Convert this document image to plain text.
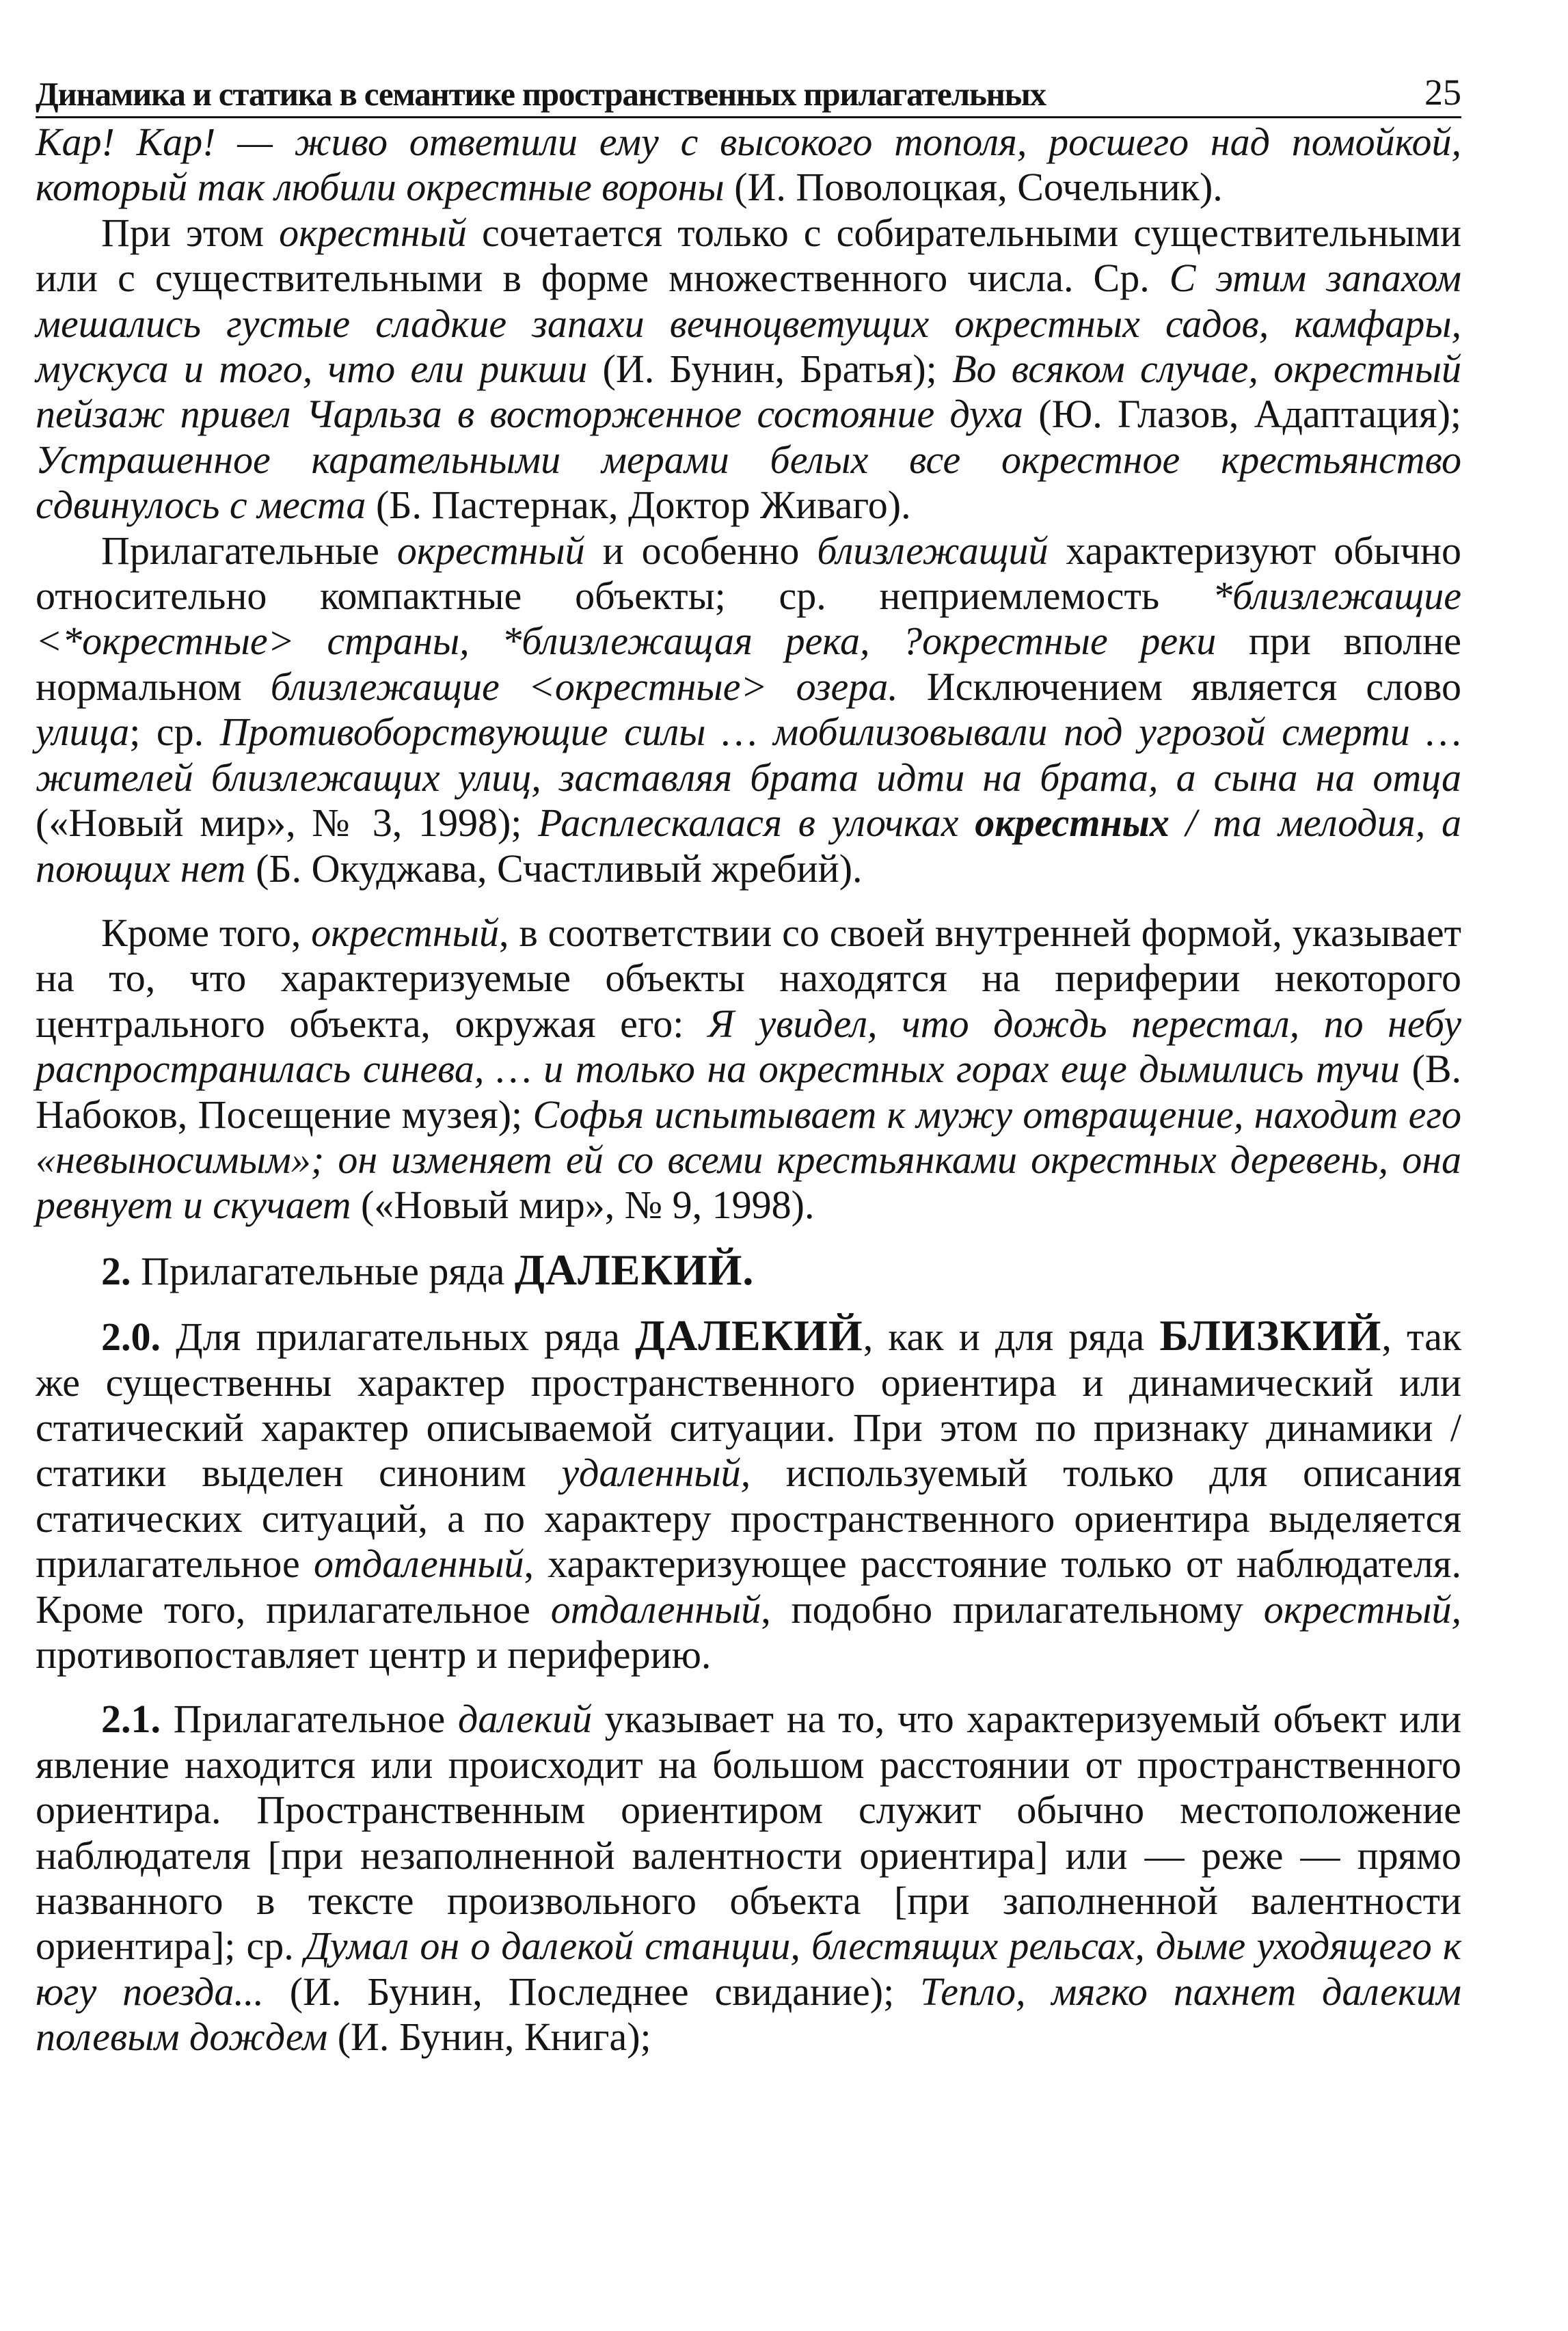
Динамика и статика в семантике пространственных прилагательных	25

Кар! Кар! — живо ответили ему с высокого тополя, росшего над помойкой, который так любили окрестные вороны (И. Поволоцкая, Сочельник).

При этом окрестный сочетается только с собирательными существительными или с существительными в форме множественного числа. Ср. С этим запахом мешались густые сладкие запахи вечноцветущих окрестных садов, камфары, мускуса и того, что ели рикши (И. Бунин, Братья); Во всяком случае, окрестный пейзаж привел Чарльза в восторженное состояние духа (Ю. Глазов, Адаптация); Устрашенное карательными мерами белых все окрестное крестьянство сдвинулось с места (Б. Пастернак, Доктор Живаго).

Прилагательные окрестный и особенно близлежащий характеризуют обычно относительно компактные объекты; ср. неприемлемость *близлежащие <*окрестные> страны, *близлежащая река, ?окрестные реки при вполне нормальном близлежащие <окрестные> озера. Исключением является слово улица; ср. Противоборствующие силы … мобилизовывали под угрозой смерти … жителей близлежащих улиц, заставляя брата идти на брата, а сына на отца («Новый мир», № 3, 1998); Расплескалася в улочках окрестных / та мелодия, а поющих нет (Б. Окуджава, Счастливый жребий).

Кроме того, окрестный, в соответствии со своей внутренней формой, указывает на то, что характеризуемые объекты находятся на периферии некоторого центрального объекта, окружая его: Я увидел, что дождь перестал, по небу распространилась синева, … и только на окрестных горах еще дымились тучи (В. Набоков, Посещение музея); Софья испытывает к мужу отвращение, находит его «невыносимым»; он изменяет ей со всеми крестьянками окрестных деревень, она ревнует и скучает («Новый мир», № 9, 1998).

2. Прилагательные ряда ДАЛЕКИЙ.

2.0. Для прилагательных ряда ДАЛЕКИЙ, как и для ряда БЛИЗКИЙ, так же существенны характер пространственного ориентира и динамический или статический характер описываемой ситуации. При этом по признаку динамики / статики выделен синоним удаленный, используемый только для описания статических ситуаций, а по характеру пространственного ориентира выделяется прилагательное отдаленный, характеризующее расстояние только от наблюдателя. Кроме того, прилагательное отдаленный, подобно прилагательному окрестный, противопоставляет центр и периферию.

2.1. Прилагательное далекий указывает на то, что характеризуемый объект или явление находится или происходит на большом расстоянии от пространственного ориентира. Пространственным ориентиром служит обычно местоположение наблюдателя [при незаполненной валентности ориентира] или — реже — прямо названного в тексте произвольного объекта [при заполненной валентности ориентира]; ср. Думал он о далекой станции, блестящих рельсах, дыме уходящего к югу поезда... (И. Бунин, Последнее свидание); Тепло, мягко пахнет далеким полевым дождем (И. Бунин, Книга);
